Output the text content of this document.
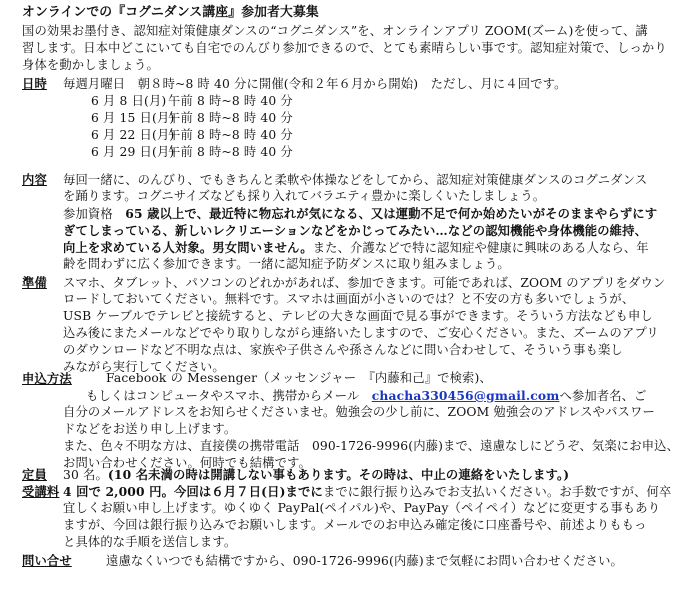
オンラインでの『コグニダンス講座』参加者大募集
国の効果お墨付き、認知症対策健康ダンスの“コグニダンス”を、オンラインアプリ ZOOM(ズーム)を使って、講
習します。日本中どこにいても自宅でのんびり参加できるので、とても素晴らしい事です。認知症対策で、しっかり
身体を動かしましょう。
日時 毎週月曜日　朝８時~8 時 40 分に開催(令和２年６月から開始)　ただし、月に４回です。
6 月 8 日(月) 午前 8 時~8 時 40 分
6 月 15 日(月)午前 8 時~8 時 40 分
6 月 22 日(月)午前 8 時~8 時 40 分
6 月 29 日(月)午前 8 時~8 時 40 分
内容 毎回一緒に、のんびり、でもきちんと柔軟や体操などをしてから、認知症対策健康ダンスのコグニダンス
を踊ります。コグニサイズなども採り入れてバラエティ豊かに楽しくいたしましょう。
参加資格　65 歳以上で、最近特に物忘れが気になる、又は運動不足で何か始めたいがそのままやらずにす
ぎてしまっている、新しいレクリエーションなどをかじってみたい…などの認知機能や身体機能の維持、
向上を求めている人対象。男女問いません。また、介護などで特に認知症や健康に興味のある人なら、年
齢を問わずに広く参加できます。一緒に認知症予防ダンスに取り組みましょう。
準備 スマホ、タブレット、パソコンのどれかがあれば、参加できます。可能であれば、ZOOM のアプリをダウン
ロードしておいてください。無料です。スマホは画面が小さいのでは？と不安の方も多いでしょうが、
USB ケーブルでテレビと接続すると、テレビの大きな画面で見る事ができます。そういう方法なども申し
込み後にまたメールなどでやり取りしながら連絡いたしますので、ご安心ください。また、ズームのアプリ
のダウンロードなど不明な点は、家族や子供さんや孫さんなどに問い合わせして、そういう事も楽し
みながら実行してください。
申込方法	Facebook の Messenger（メッセンジャー　『内藤和己』で検索)、
もしくはコンピュータやスマホ、携帯からメール　chacha330456@gmail.comへ参加者名、ご
自分のメールアドレスをお知らせくださいませ。勉強会の少し前に、ZOOM 勉強会のアドレスやパスワー
ドなどをお送り申し上げます。
また、色々不明な方は、直接僕の携帯電話　090-1726-9996(内藤)まで、遠慮なしにどうぞ、気楽にお申込、
お問い合わせください。何時でも結構です。
定員 30 名。(10 名未満の時は開講しない事もあります。その時は、中止の連絡をいたします。)
受講料 4 回で 2,000 円。今回は６月７日(日)までにまでに銀行振り込みでお支払いください。お手数ですが、何卒
宜しくお願い申し上げます。ゆくゆく PayPal(ペイパル)や、PayPay（ペイペイ）などに変更する事もあり
ますが、今回は銀行振り込みでお願いします。メールでのお申込み確定後に口座番号や、前述よりももっ
と具体的な手順を送信します。
問い合せ	遠慮なくいつでも結構ですから、090-1726-9996(内藤)まで気軽にお問い合わせください。
